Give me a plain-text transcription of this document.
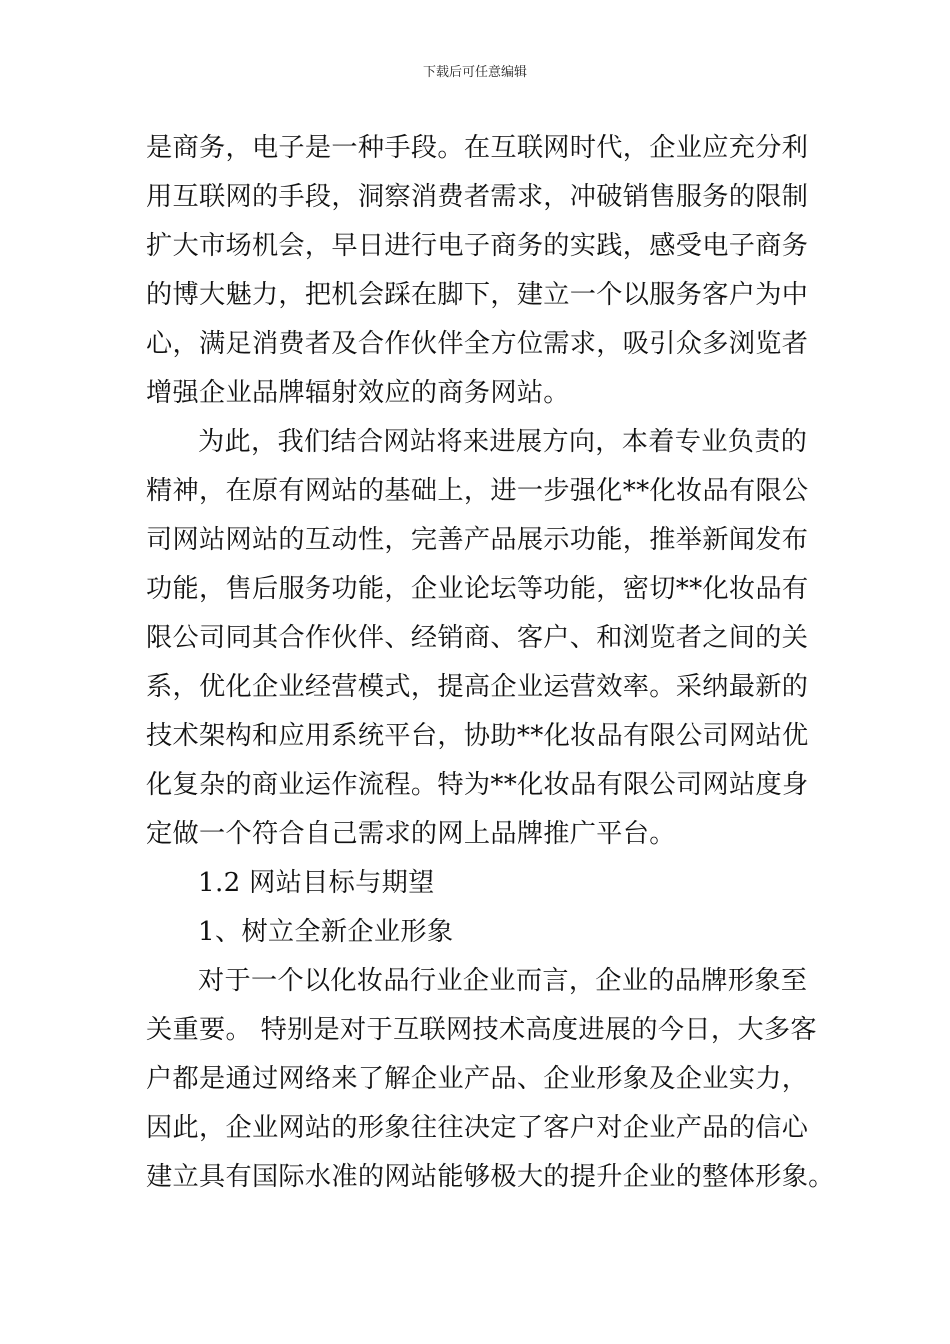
下载后可任意编辑
是商务，电子是一种手段。在互联网时代，企业应充分利
用互联网的手段，洞察消费者需求，冲破销售服务的限制
扩大市场机会，早日进行电子商务的实践，感受电子商务
的博大魅力，把机会踩在脚下，建立一个以服务客户为中
心，满足消费者及合作伙伴全方位需求，吸引众多浏览者
增强企业品牌辐射效应的商务网站。
为此，我们结合网站将来进展方向，本着专业负责的
精神，在原有网站的基础上，进一步强化**化妆品有限公
司网站网站的互动性，完善产品展示功能，推举新闻发布
功能，售后服务功能，企业论坛等功能，密切**化妆品有
限公司同其合作伙伴、经销商、客户、和浏览者之间的关
系，优化企业经营模式，提高企业运营效率。采纳最新的
技术架构和应用系统平台，协助**化妆品有限公司网站优
化复杂的商业运作流程。特为**化妆品有限公司网站度身
定做一个符合自己需求的网上品牌推广平台。
1.2 网站目标与期望
1、树立全新企业形象
对于一个以化妆品行业企业而言，企业的品牌形象至
关重要。 特别是对于互联网技术高度进展的今日，大多客
户都是通过网络来了解企业产品、企业形象及企业实力，
因此，企业网站的形象往往决定了客户对企业产品的信心
建立具有国际水准的网站能够极大的提升企业的整体形象。
